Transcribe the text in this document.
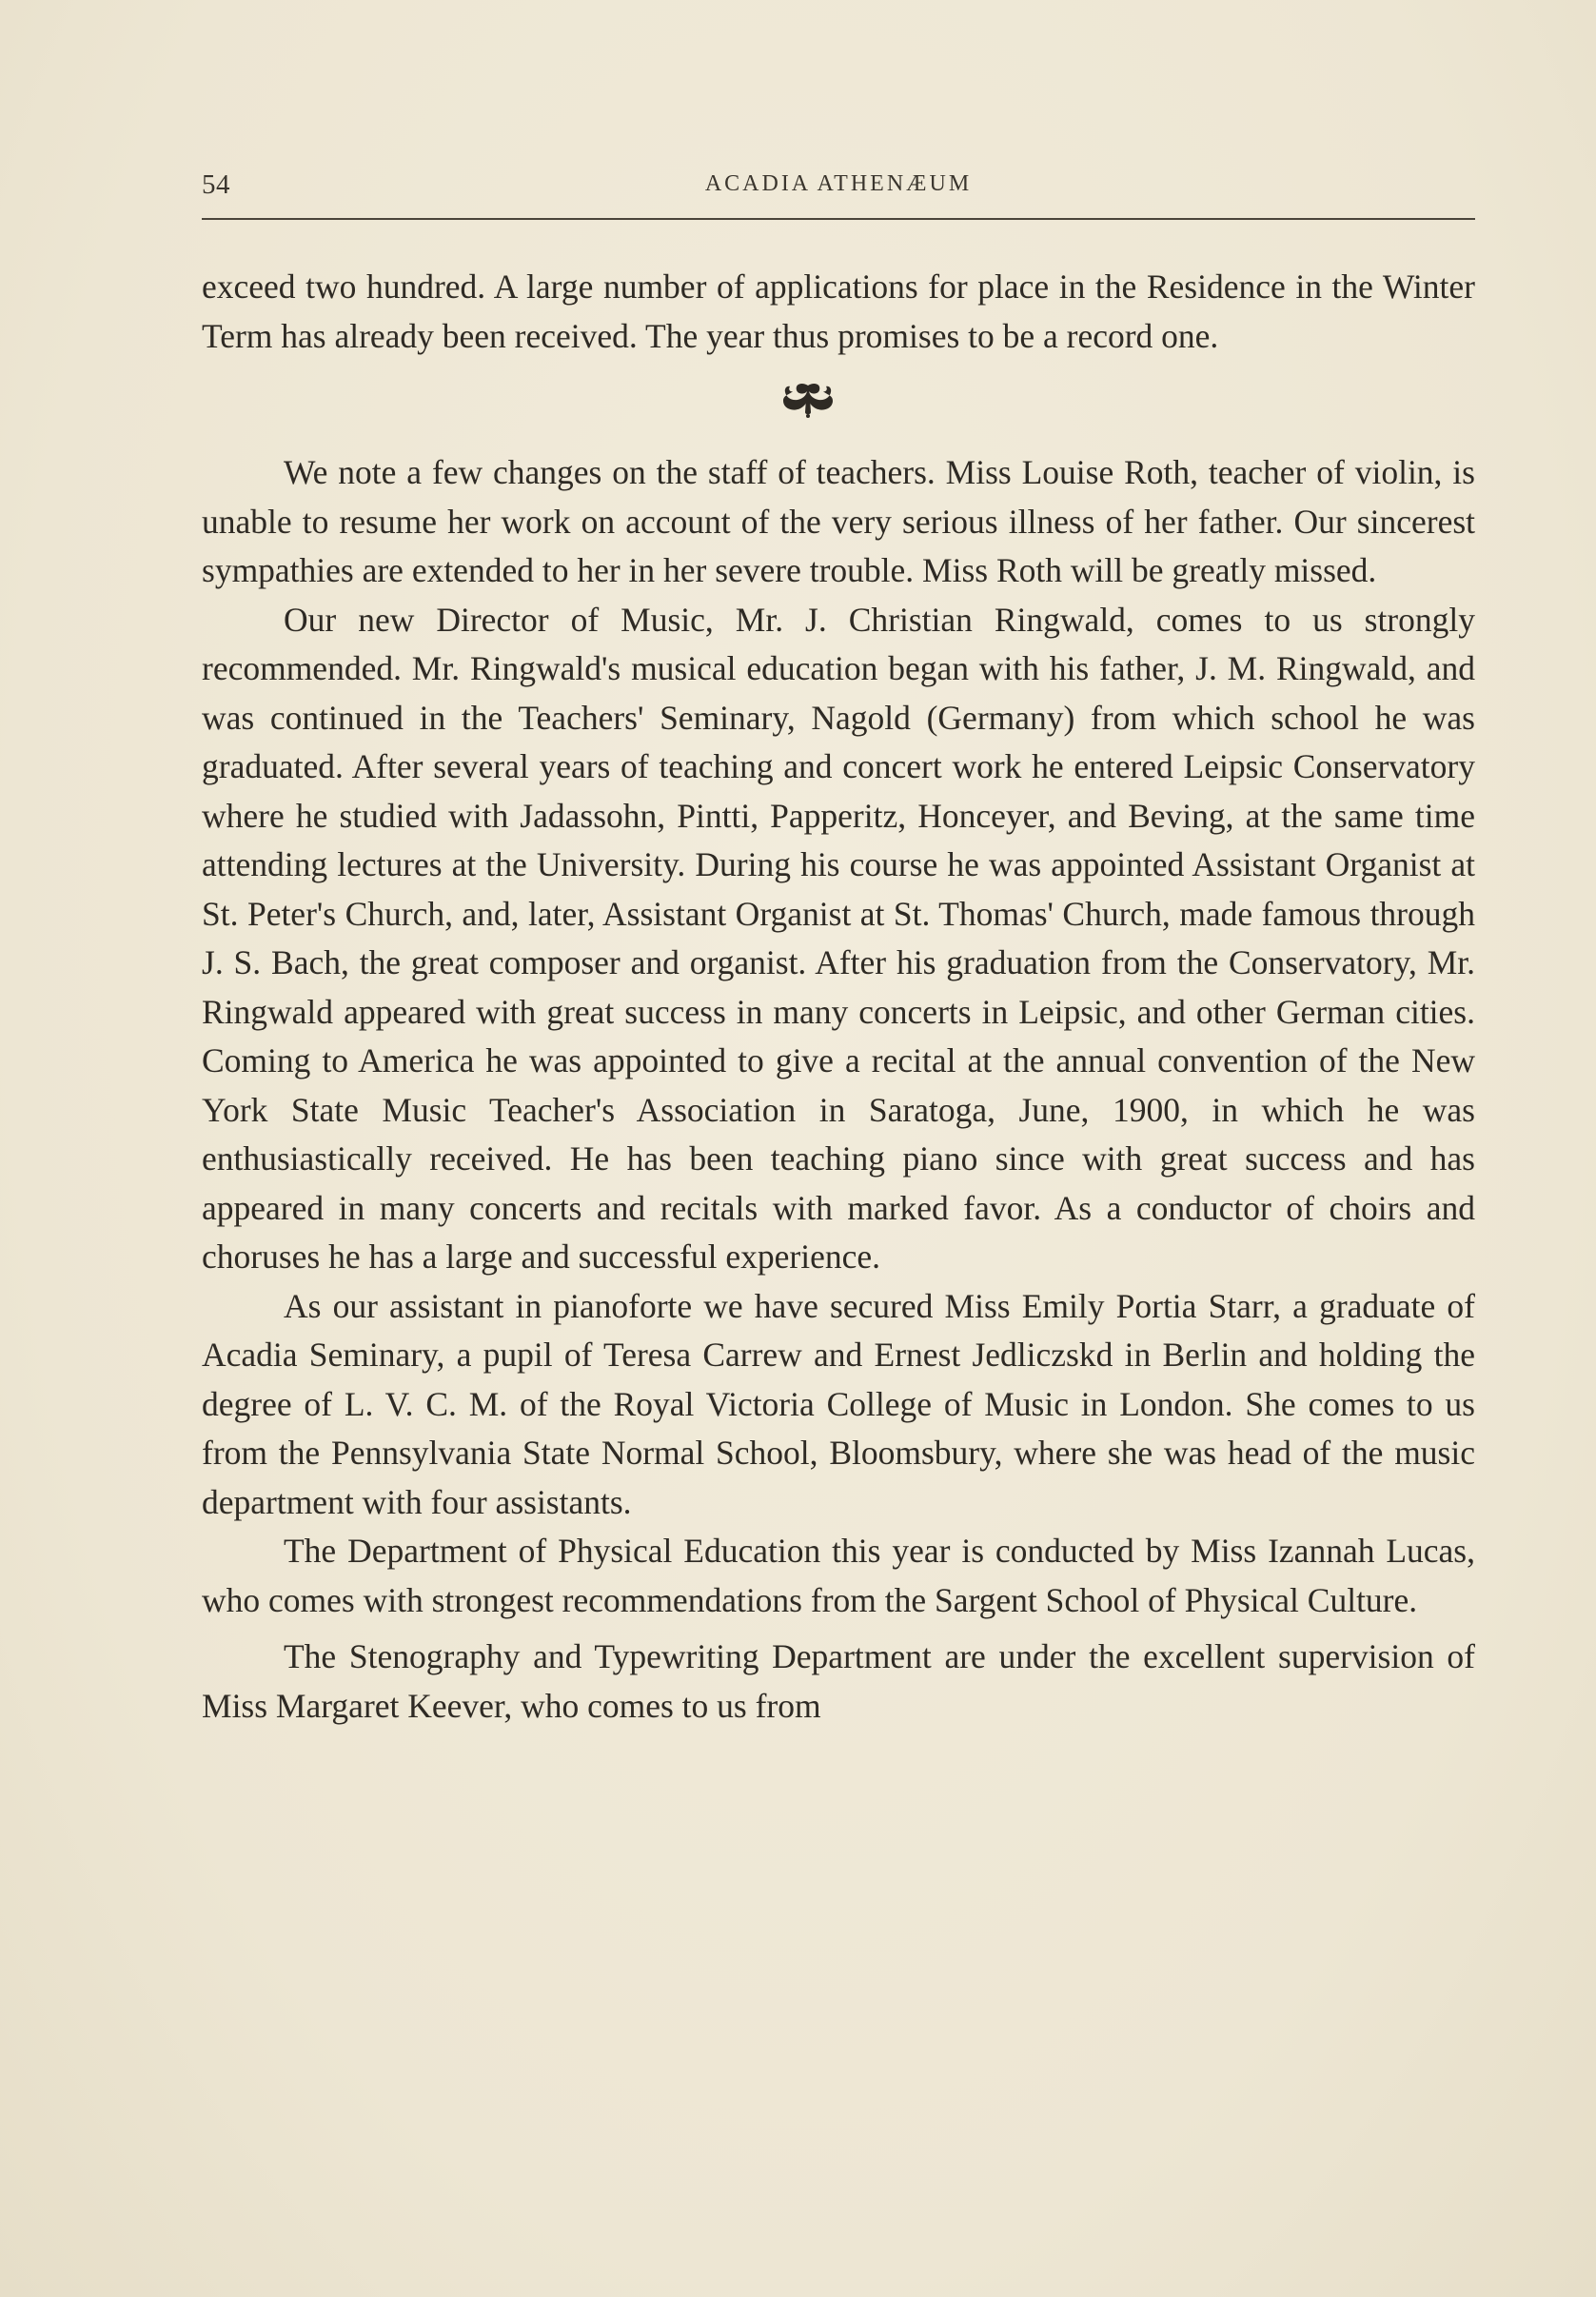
54	ACADIA ATHENÆUM

exceed two hundred. A large number of applications for place in the Residence in the Winter Term has already been received. The year thus promises to be a record one.

We note a few changes on the staff of teachers. Miss Louise Roth, teacher of violin, is unable to resume her work on account of the very serious illness of her father. Our sincerest sympathies are extended to her in her severe trouble. Miss Roth will be greatly missed.

Our new Director of Music, Mr. J. Christian Ringwald, comes to us strongly recommended. Mr. Ringwald's musical education began with his father, J. M. Ringwald, and was continued in the Teachers' Seminary, Nagold (Germany) from which school he was graduated. After several years of teaching and concert work he entered Leipsic Conservatory where he studied with Jadassohn, Pintti, Papperitz, Honceyer, and Beving, at the same time attending lectures at the University. During his course he was appointed Assistant Organist at St. Peter's Church, and, later, Assistant Organist at St. Thomas' Church, made famous through J. S. Bach, the great composer and organist. After his graduation from the Conservatory, Mr. Ringwald appeared with great success in many concerts in Leipsic, and other German cities. Coming to America he was appointed to give a recital at the annual convention of the New York State Music Teacher's Association in Saratoga, June, 1900, in which he was enthusiastically received. He has been teaching piano since with great success and has appeared in many concerts and recitals with marked favor. As a conductor of choirs and choruses he has a large and successful experience.

As our assistant in pianoforte we have secured Miss Emily Portia Starr, a graduate of Acadia Seminary, a pupil of Teresa Carrew and Ernest Jedliczskd in Berlin and holding the degree of L. V. C. M. of the Royal Victoria College of Music in London. She comes to us from the Pennsylvania State Normal School, Bloomsbury, where she was head of the music department with four assistants.

The Department of Physical Education this year is conducted by Miss Izannah Lucas, who comes with strongest recommendations from the Sargent School of Physical Culture.

The Stenography and Typewriting Department are under the excellent supervision of Miss Margaret Keever, who comes to us from
